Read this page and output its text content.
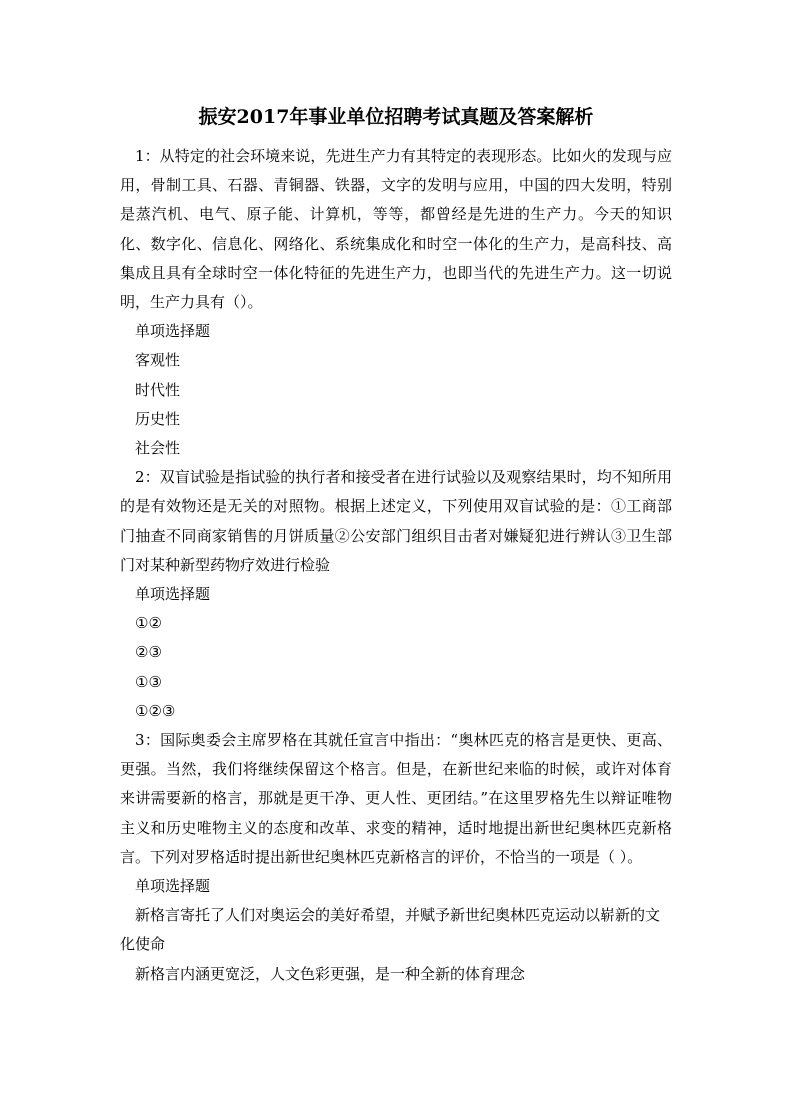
振安2017年事业单位招聘考试真题及答案解析

1：从特定的社会环境来说，先进生产力有其特定的表现形态。比如火的发现与应用，骨制工具、石器、青铜器、铁器，文字的发明与应用，中国的四大发明，特别是蒸汽机、电气、原子能、计算机，等等，都曾经是先进的生产力。今天的知识化、数字化、信息化、网络化、系统集成化和时空一体化的生产力，是高科技、高集成且具有全球时空一体化特征的先进生产力，也即当代的先进生产力。这一切说明，生产力具有（）。

单项选择题

客观性

时代性

历史性

社会性

2：双盲试验是指试验的执行者和接受者在进行试验以及观察结果时，均不知所用的是有效物还是无关的对照物。根据上述定义，下列使用双盲试验的是：①工商部门抽查不同商家销售的月饼质量②公安部门组织目击者对嫌疑犯进行辨认③卫生部门对某种新型药物疗效进行检验

单项选择题

①②

②③

①③

①②③

3：国际奥委会主席罗格在其就任宣言中指出：“奥林匹克的格言是更快、更高、更强。当然，我们将继续保留这个格言。但是，在新世纪来临的时候，或许对体育来讲需要新的格言，那就是更干净、更人性、更团结。”在这里罗格先生以辩证唯物主义和历史唯物主义的态度和改革、求变的精神，适时地提出新世纪奥林匹克新格言。下列对罗格适时提出新世纪奥林匹克新格言的评价，不恰当的一项是（ ）。

单项选择题

新格言寄托了人们对奥运会的美好希望，并赋予新世纪奥林匹克运动以崭新的文化使命

新格言内涵更宽泛，人文色彩更强，是一种全新的体育理念
